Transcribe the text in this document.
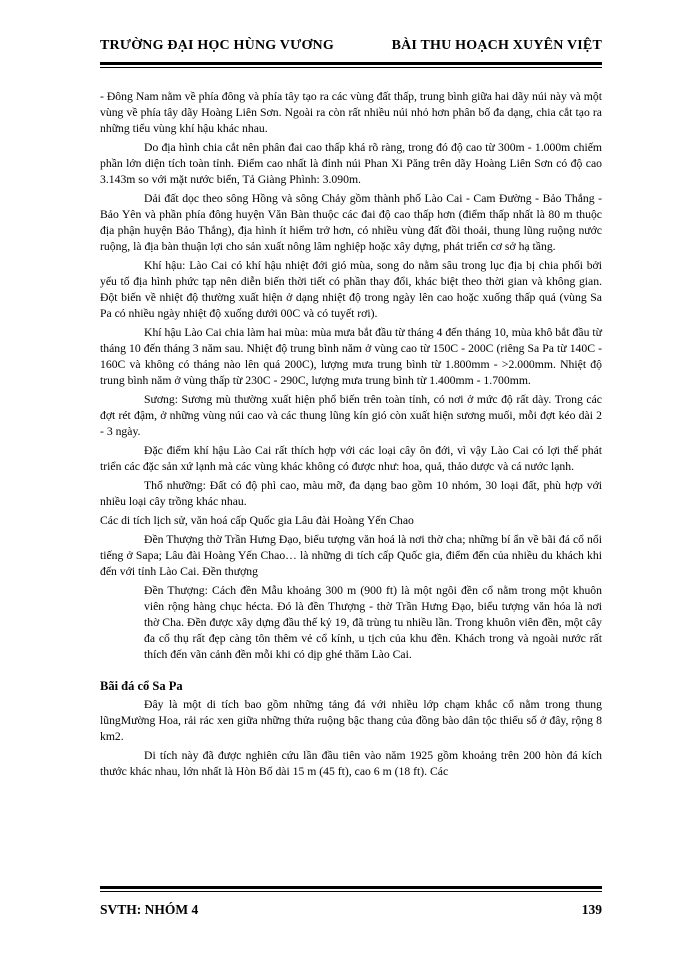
TRƯỜNG ĐẠI HỌC HÙNG VƯƠNG	BÀI THU HOẠCH XUYÊN VIỆT

- Đông Nam nằm về phía đông và phía tây tạo ra các vùng đất thấp, trung bình giữa hai dãy núi này và một vùng về phía tây dãy Hoàng Liên Sơn. Ngoài ra còn rất nhiều núi nhỏ hơn phân bố đa dạng, chia cắt tạo ra những tiểu vùng khí hậu khác nhau.

Do địa hình chia cắt nên phân đai cao thấp khá rõ ràng, trong đó độ cao từ 300m - 1.000m chiếm phần lớn diện tích toàn tỉnh. Điểm cao nhất là đỉnh núi Phan Xi Păng trên dãy Hoàng Liên Sơn có độ cao 3.143m so với mặt nước biển, Tả Giàng Phình: 3.090m.

Dải đất dọc theo sông Hồng và sông Chảy gồm thành phố Lào Cai - Cam Đường - Bảo Thắng - Bảo Yên và phần phía đông huyện Văn Bàn thuộc các đai độ cao thấp hơn (điểm thấp nhất là 80 m thuộc địa phận huyện Bảo Thắng), địa hình ít hiểm trở hơn, có nhiều vùng đất đồi thoải, thung lũng ruộng nước ruộng, là địa bàn thuận lợi cho sản xuất nông lâm nghiệp hoặc xây dựng, phát triển cơ sở hạ tầng.

Khí hậu: Lào Cai có khí hậu nhiệt đới gió mùa, song do nằm sâu trong lục địa bị chia phối bởi yếu tố địa hình phức tạp nên diễn biến thời tiết có phần thay đổi, khác biệt theo thời gian và không gian. Đột biến về nhiệt độ thường xuất hiện ở dạng nhiệt độ trong ngày lên cao hoặc xuống thấp quá (vùng Sa Pa có nhiều ngày nhiệt độ xuống dưới 00C và có tuyết rơi).

Khí hậu Lào Cai chia làm hai mùa: mùa mưa bắt đầu từ tháng 4 đến tháng 10, mùa khô bắt đầu từ tháng 10 đến tháng 3 năm sau. Nhiệt độ trung bình năm ở vùng cao từ 150C - 200C (riêng Sa Pa từ 140C - 160C và không có tháng nào lên quá 200C), lượng mưa trung bình từ 1.800mm - >2.000mm. Nhiệt độ trung bình năm ở vùng thấp từ 230C - 290C, lượng mưa trung bình từ 1.400mm - 1.700mm.

Sương: Sương mù thường xuất hiện phổ biến trên toàn tỉnh, có nơi ở mức độ rất dày. Trong các đợt rét đậm, ở những vùng núi cao và các thung lũng kín gió còn xuất hiện sương muối, mỗi đợt kéo dài 2 - 3 ngày.

Đặc điểm khí hậu Lào Cai rất thích hợp với các loại cây ôn đới, vì vậy Lào Cai có lợi thế phát triển các đặc sản xứ lạnh mà các vùng khác không có được như: hoa, quả, thảo dược và cá nước lạnh.

Thổ nhưỡng: Đất có độ phì cao, màu mỡ, đa dạng bao gồm 10 nhóm, 30 loại đất, phù hợp với nhiều loại cây trồng khác nhau.

Các di tích lịch sử, văn hoá cấp Quốc gia Lâu đài Hoàng Yến Chao

Đền Thượng thờ Trần Hưng Đạo, biểu tượng văn hoá là nơi thờ cha; những bí ẩn về bãi đá cổ nổi tiếng ở Sapa; Lâu đài Hoàng Yến Chao… là những di tích cấp Quốc gia, điểm đến của nhiều du khách khi đến với tỉnh Lào Cai. Đền thượng

Đền Thượng: Cách đền Mẫu khoảng 300 m (900 ft) là một ngôi đền cổ nằm trong một khuôn viên rộng hàng chục hécta. Đó là đền Thượng - thờ Trần Hưng Đạo, biểu tượng văn hóa là nơi thờ Cha. Đền được xây dựng đầu thế kỷ 19, đã trùng tu nhiều lần. Trong khuôn viên đền, một cây đa cổ thụ rất đẹp càng tôn thêm vẻ cổ kính, u tịch của khu đền. Khách trong và ngoài nước rất thích đến vãn cảnh đền mỗi khi có dịp ghé thăm Lào Cai.

Bãi đá cổ Sa Pa

Đây là một di tích bao gồm những tảng đá với nhiều lớp chạm khắc cổ nằm trong thung lũngMường Hoa, rải rác xen giữa những thửa ruộng bậc thang của đồng bào dân tộc thiểu số ở đây, rộng 8 km2.

Di tích này đã được nghiên cứu lần đầu tiên vào năm 1925 gồm khoảng trên 200 hòn đá kích thước khác nhau, lớn nhất là Hòn Bố dài 15 m (45 ft), cao 6 m (18 ft). Các

SVTH: NHÓM 4	139
